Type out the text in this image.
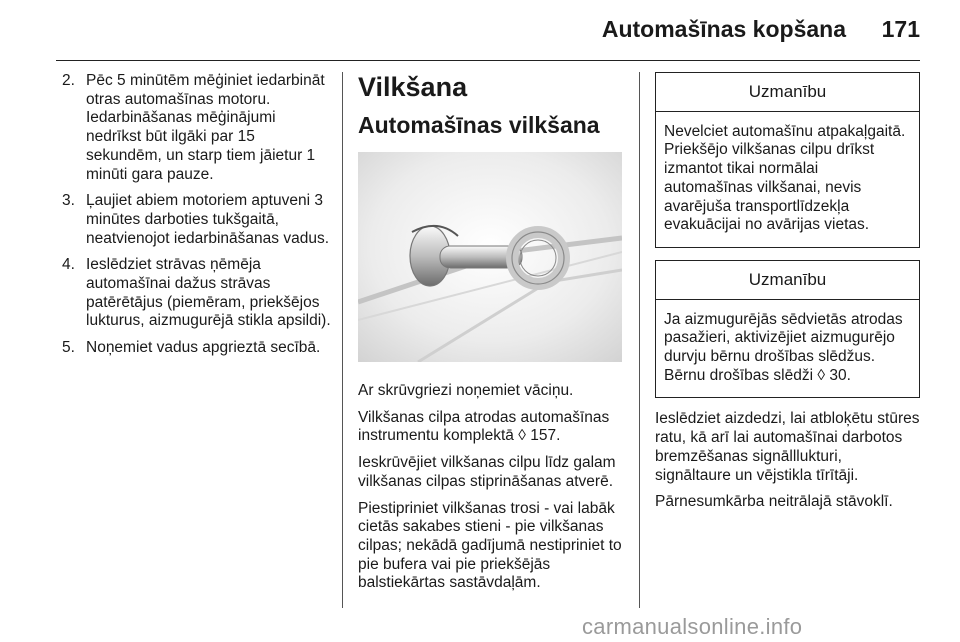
Automašīnas kopšana 171
2. Pēc 5 minūtēm mēģiniet iedarbināt otras automašīnas motoru. Iedarbināšanas mēģinājumi nedrīkst būt ilgāki par 15 sekundēm, un starp tiem jāietur 1 minūti gara pauze.
3. Ļaujiet abiem motoriem aptuveni 3 minūtes darboties tukšgaitā, neatvienojot iedarbināšanas vadus.
4. Ieslēdziet strāvas ņēmēja automašīnai dažus strāvas patērētājus (piemēram, priekšējos lukturus, aizmugurējā stikla apsildi).
5. Noņemiet vadus apgrieztā secībā.
Vilkšana
Automašīnas vilkšana

Ar skrūvgriezi noņemiet vāciņu.

Vilkšanas cilpa atrodas automašīnas instrumentu komplektā ◊ 157.

Ieskrūvējiet vilkšanas cilpu līdz galam vilkšanas cilpas stiprināšanas atverē.

Piestipriniet vilkšanas trosi - vai labāk cietās sakabes stieni - pie vilkšanas cilpas; nekādā gadījumā nestipriniet to pie bufera vai pie priekšējās balstiekārtas sastāvdaļām.

Uzmanību
Nevelciet automašīnu atpakaļgaitā. Priekšējo vilkšanas cilpu drīkst izmantot tikai normālai automašīnas vilkšanai, nevis avarējuša transportlīdzekļa evakuācijai no avārijas vietas.
Uzmanību
Ja aizmugurējās sēdvietās atrodas pasažieri, aktivizējiet aizmugurējo durvju bērnu drošības slēdžus. Bērnu drošības slēdži ◊ 30.

Ieslēdziet aizdedzi, lai atbloķētu stūres ratu, kā arī lai automašīnai darbotos bremzēšanas signālllukturi, signāltaure un vējstikla tīrītāji.

Pārnesumkārba neitrālajā stāvoklī.

carmanualsonline.info
